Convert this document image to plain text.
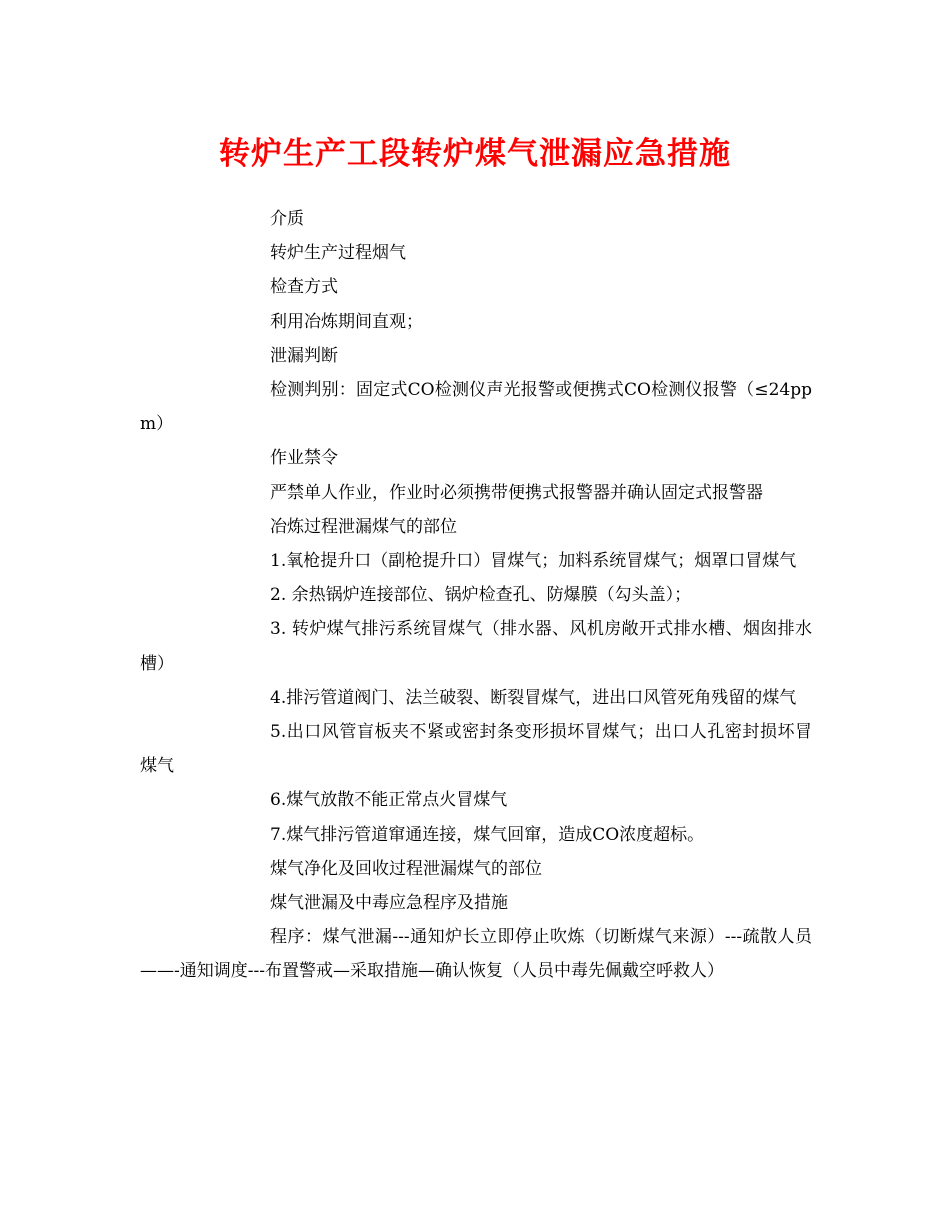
转炉生产工段转炉煤气泄漏应急措施

介质

转炉生产过程烟气

检查方式

利用冶炼期间直观；

泄漏判断

检测判别：固定式CO检测仪声光报警或便携式CO检测仪报警（≤24ppm）

作业禁令

严禁单人作业，作业时必须携带便携式报警器并确认固定式报警器

冶炼过程泄漏煤气的部位

1.氧枪提升口（副枪提升口）冒煤气；加料系统冒煤气；烟罩口冒煤气

2. 余热锅炉连接部位、锅炉检查孔、防爆膜（勾头盖）；

3. 转炉煤气排污系统冒煤气（排水器、风机房敞开式排水槽、烟囱排水槽）

4.排污管道阀门、法兰破裂、断裂冒煤气，进出口风管死角残留的煤气

5.出口风管盲板夹不紧或密封条变形损坏冒煤气；出口人孔密封损坏冒煤气

6.煤气放散不能正常点火冒煤气

7.煤气排污管道窜通连接，煤气回窜，造成CO浓度超标。

煤气净化及回收过程泄漏煤气的部位

煤气泄漏及中毒应急程序及措施

程序：煤气泄漏---通知炉长立即停止吹炼（切断煤气来源）---疏散人员——-通知调度---布置警戒—采取措施—确认恢复（人员中毒先佩戴空呼救人）
